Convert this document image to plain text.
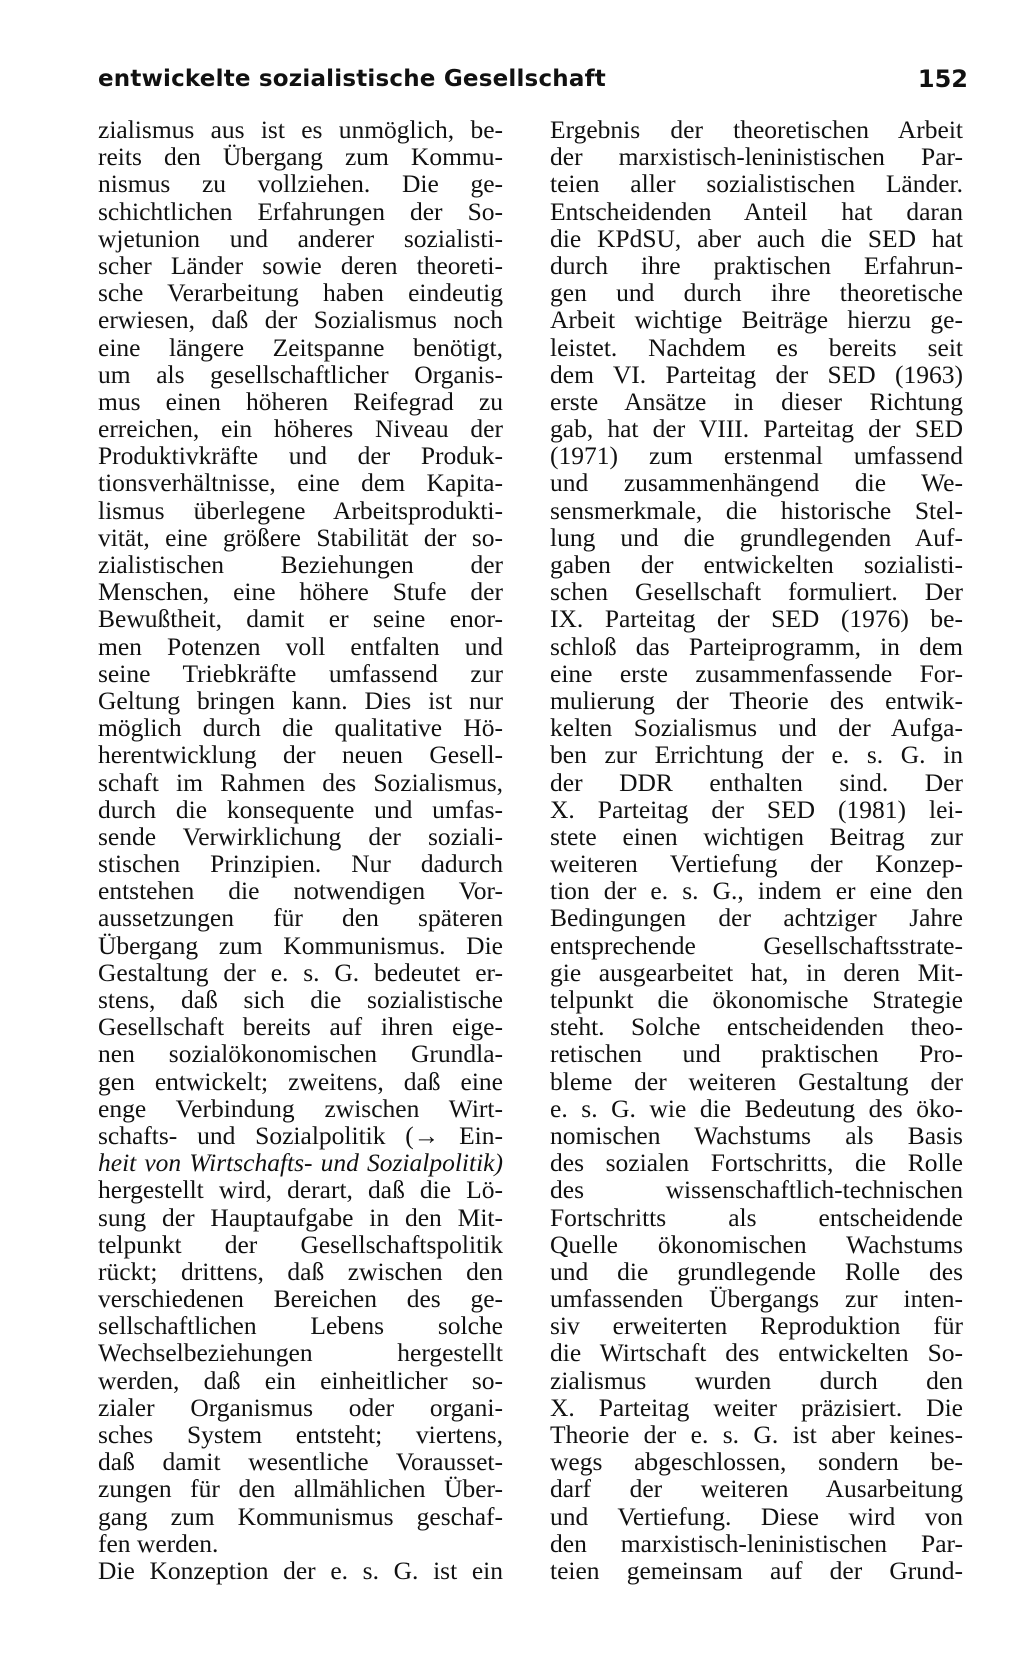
entwickelte sozialistische Gesellschaft	152
zialismus aus ist es unmöglich, be-
reits den Übergang zum Kommu-
nismus zu vollziehen. Die ge-
schichtlichen Erfahrungen der So-
wjetunion und anderer sozialisti-
scher Länder sowie deren theoreti-
sche Verarbeitung haben eindeutig
erwiesen, daß der Sozialismus noch
eine längere Zeitspanne benötigt,
um als gesellschaftlicher Organis-
mus einen höheren Reifegrad zu
erreichen, ein höheres Niveau der
Produktivkräfte und der Produk-
tionsverhältnisse, eine dem Kapita-
lismus überlegene Arbeitsprodukti-
vität, eine größere Stabilität der so-
zialistischen Beziehungen der
Menschen, eine höhere Stufe der
Bewußtheit, damit er seine enor-
men Potenzen voll entfalten und
seine Triebkräfte umfassend zur
Geltung bringen kann. Dies ist nur
möglich durch die qualitative Hö-
herentwicklung der neuen Gesell-
schaft im Rahmen des Sozialismus,
durch die konsequente und umfas-
sende Verwirklichung der soziali-
stischen Prinzipien. Nur dadurch
entstehen die notwendigen Vor-
aussetzungen für den späteren
Übergang zum Kommunismus. Die
Gestaltung der e. s. G. bedeutet er-
stens, daß sich die sozialistische
Gesellschaft bereits auf ihren eige-
nen sozialökonomischen Grundla-
gen entwickelt; zweitens, daß eine
enge Verbindung zwischen Wirt-
schafts- und Sozialpolitik (→ Ein-
heit von Wirtschafts- und Sozialpolitik)
hergestellt wird, derart, daß die Lö-
sung der Hauptaufgabe in den Mit-
telpunkt der Gesellschaftspolitik
rückt; drittens, daß zwischen den
verschiedenen Bereichen des ge-
sellschaftlichen Lebens solche
Wechselbeziehungen hergestellt
werden, daß ein einheitlicher so-
zialer Organismus oder organi-
sches System entsteht; viertens,
daß damit wesentliche Vorausset-
zungen für den allmählichen Über-
gang zum Kommunismus geschaf-
fen werden.
Die Konzeption der e. s. G. ist ein
Ergebnis der theoretischen Arbeit
der marxistisch-leninistischen Par-
teien aller sozialistischen Länder.
Entscheidenden Anteil hat daran
die KPdSU, aber auch die SED hat
durch ihre praktischen Erfahrun-
gen und durch ihre theoretische
Arbeit wichtige Beiträge hierzu ge-
leistet. Nachdem es bereits seit
dem VI. Parteitag der SED (1963)
erste Ansätze in dieser Richtung
gab, hat der VIII. Parteitag der SED
(1971) zum erstenmal umfassend
und zusammenhängend die We-
sensmerkmale, die historische Stel-
lung und die grundlegenden Auf-
gaben der entwickelten sozialisti-
schen Gesellschaft formuliert. Der
IX. Parteitag der SED (1976) be-
schloß das Parteiprogramm, in dem
eine erste zusammenfassende For-
mulierung der Theorie des entwik-
kelten Sozialismus und der Aufga-
ben zur Errichtung der e. s. G. in
der DDR enthalten sind. Der
X. Parteitag der SED (1981) lei-
stete einen wichtigen Beitrag zur
weiteren Vertiefung der Konzep-
tion der e. s. G., indem er eine den
Bedingungen der achtziger Jahre
entsprechende Gesellschaftsstrate-
gie ausgearbeitet hat, in deren Mit-
telpunkt die ökonomische Strategie
steht. Solche entscheidenden theo-
retischen und praktischen Pro-
bleme der weiteren Gestaltung der
e. s. G. wie die Bedeutung des öko-
nomischen Wachstums als Basis
des sozialen Fortschritts, die Rolle
des wissenschaftlich-technischen
Fortschritts als entscheidende
Quelle ökonomischen Wachstums
und die grundlegende Rolle des
umfassenden Übergangs zur inten-
siv erweiterten Reproduktion für
die Wirtschaft des entwickelten So-
zialismus wurden durch den
X. Parteitag weiter präzisiert. Die
Theorie der e. s. G. ist aber keines-
wegs abgeschlossen, sondern be-
darf der weiteren Ausarbeitung
und Vertiefung. Diese wird von
den marxistisch-leninistischen Par-
teien gemeinsam auf der Grund-
